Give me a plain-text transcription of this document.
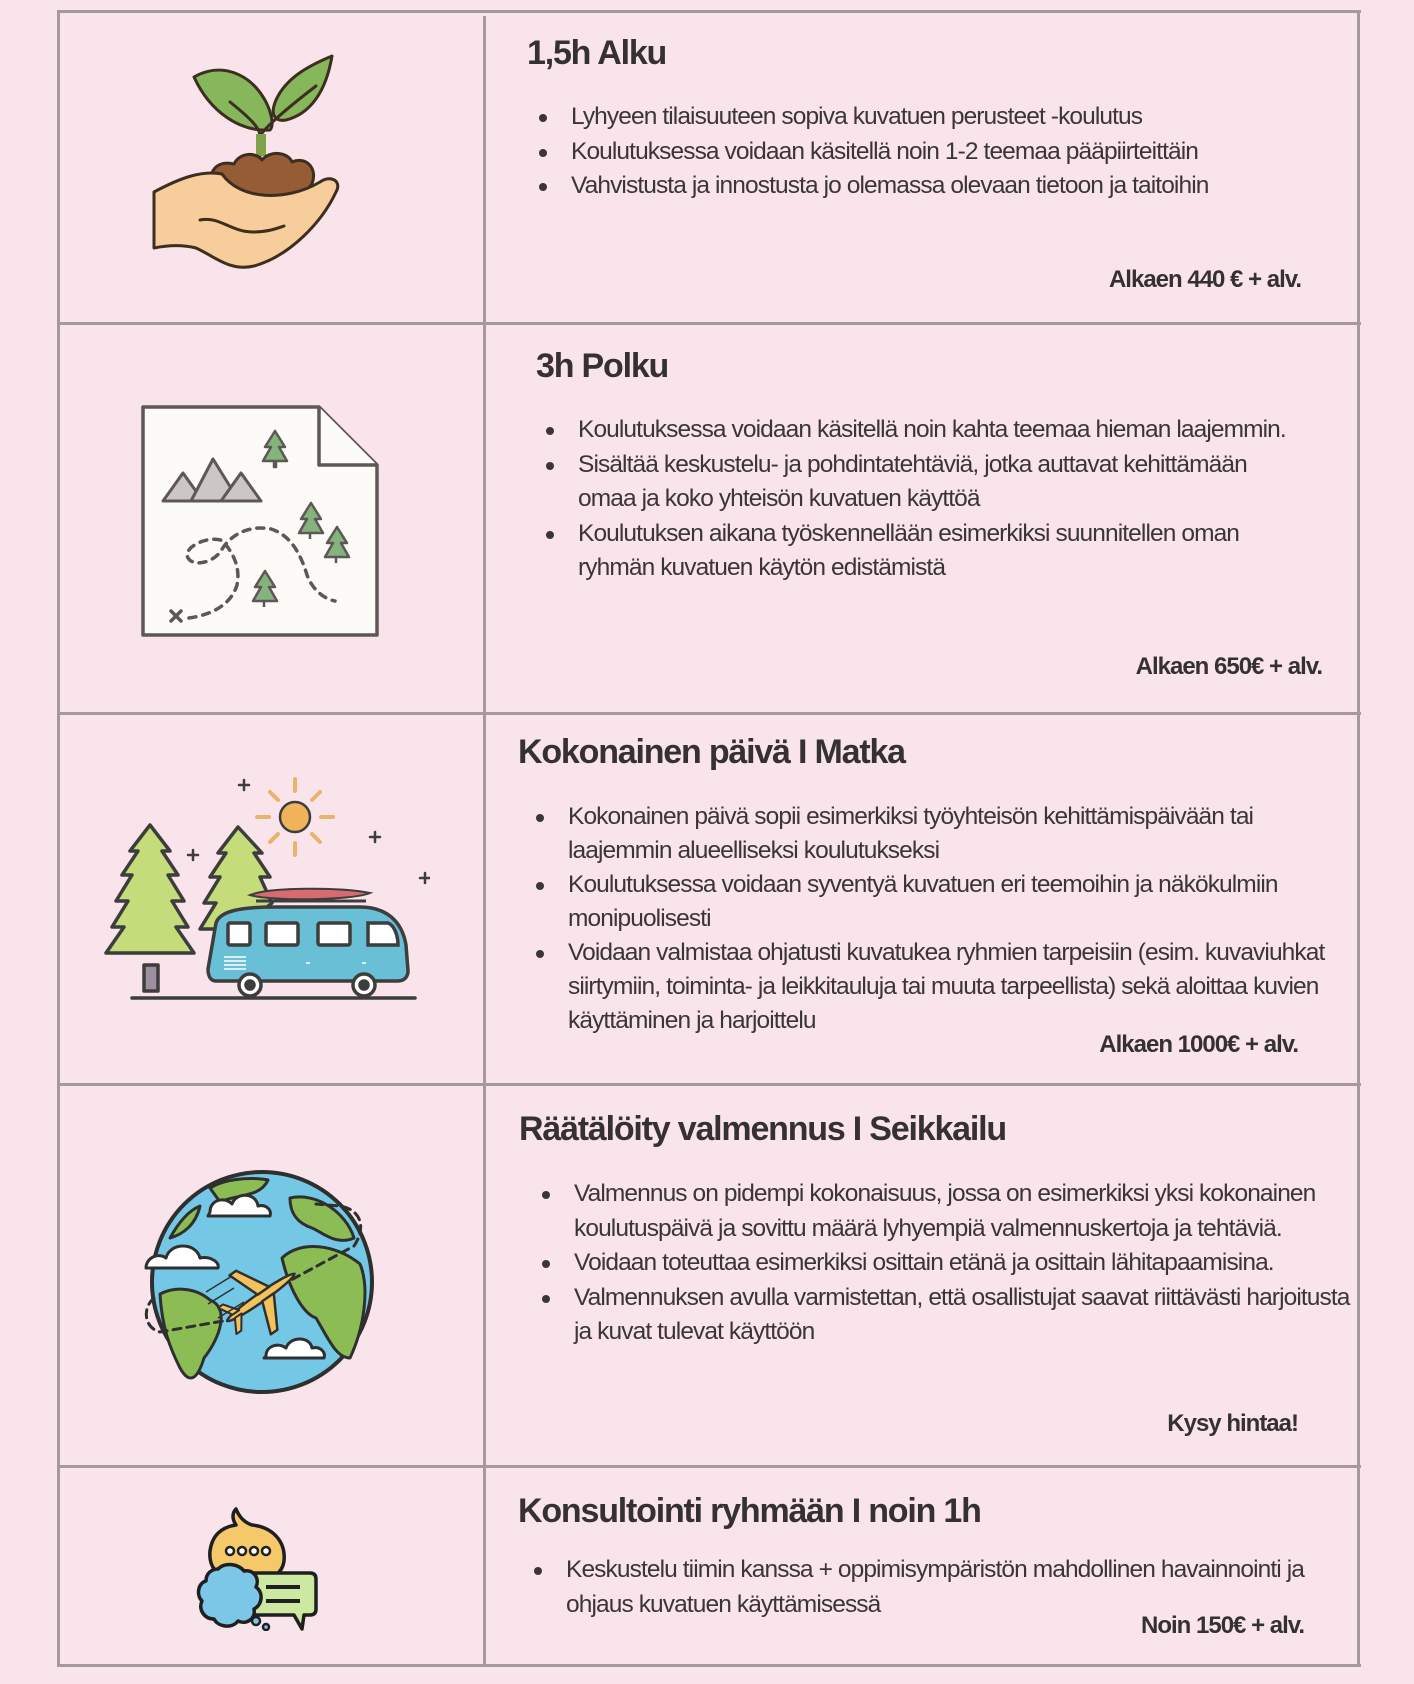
1,5h Alku
Lyhyeen tilaisuuteen sopiva kuvatuen perusteet -koulutus
Koulutuksessa voidaan käsitellä noin 1-2 teemaa pääpiirteittäin
Vahvistusta ja innostusta jo olemassa olevaan tietoon ja taitoihin

Alkaen 440 € + alv.

3h Polku
Koulutuksessa voidaan käsitellä noin kahta teemaa hieman laajemmin.
Sisältää keskustelu- ja pohdintatehtäviä, jotka auttavat kehittämään omaa ja koko yhteisön kuvatuen käyttöä
Koulutuksen aikana työskennellään esimerkiksi suunnitellen oman ryhmän kuvatuen käytön edistämistä

Alkaen 650€ + alv.

Kokonainen päivä I Matka
Kokonainen päivä sopii esimerkiksi työyhteisön kehittämispäivään tai laajemmin alueelliseksi koulutukseksi
Koulutuksessa voidaan syventyä kuvatuen eri teemoihin ja näkökulmiin monipuolisesti
Voidaan valmistaa ohjatusti kuvatukea ryhmien tarpeisiin (esim. kuvaviuhkat siirtymiin, toiminta- ja leikkitauluja tai muuta tarpeellista) sekä aloittaa kuvien käyttäminen ja harjoittelu

Alkaen 1000€ + alv.

Räätälöity valmennus I Seikkailu
Valmennus on pidempi kokonaisuus, jossa on esimerkiksi yksi kokonainen koulutuspäivä ja sovittu määrä lyhyempiä valmennuskertoja ja tehtäviä.
Voidaan toteuttaa esimerkiksi osittain etänä ja osittain lähitapaamisina.
Valmennuksen avulla varmistettan, että osallistujat saavat riittävästi harjoitusta ja kuvat tulevat käyttöön

Kysy hintaa!

Konsultointi ryhmään I noin 1h
Keskustelu tiimin kanssa + oppimisympäristön mahdollinen havainnointi ja ohjaus kuvatuen käyttämisessä

Noin 150€ + alv.
